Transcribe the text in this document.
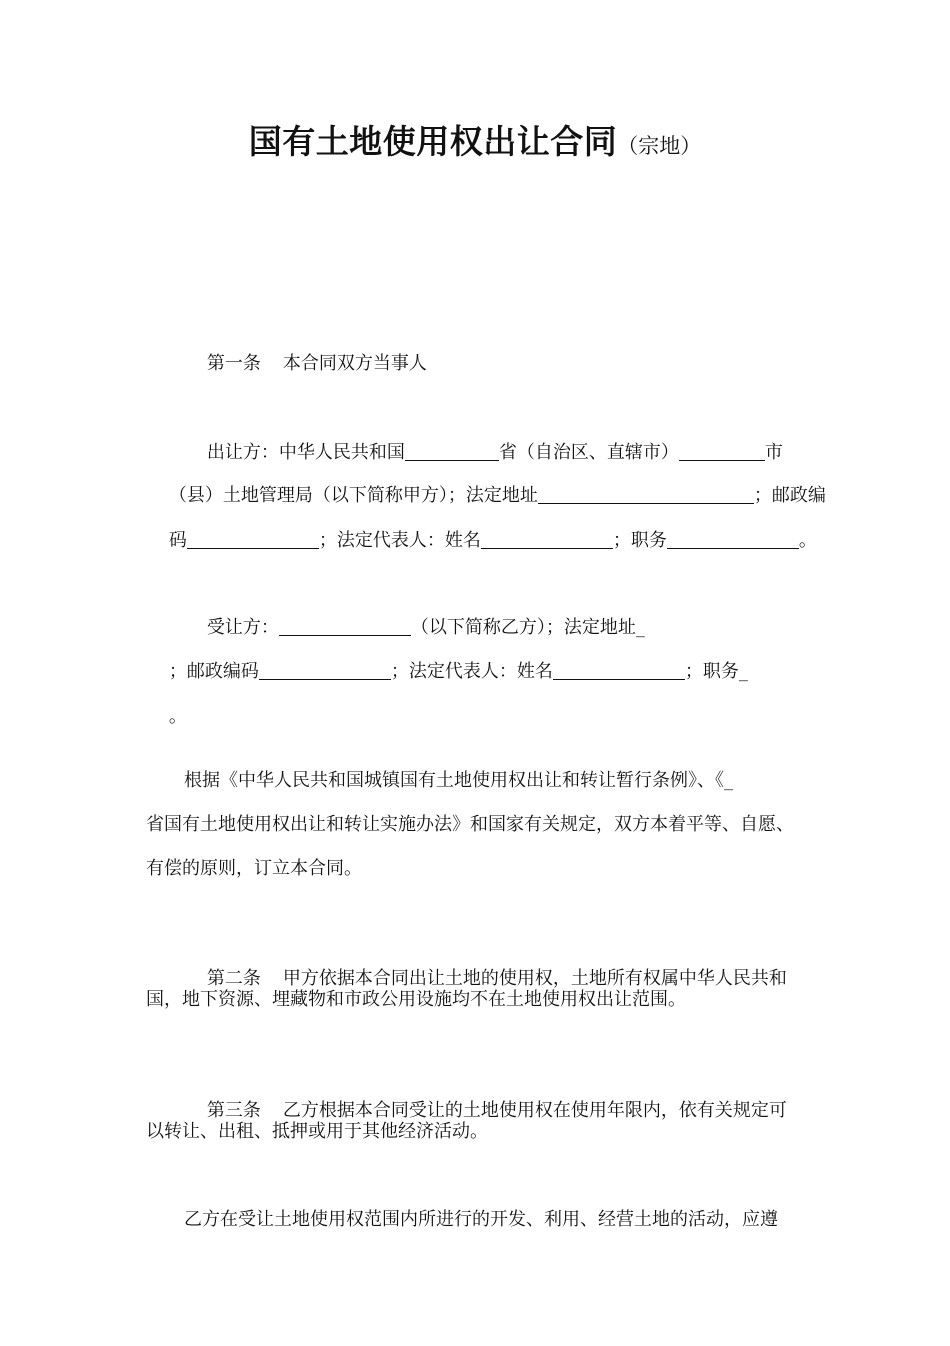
国有土地使用权出让合同（宗地）

第一条 本合同双方当事人

出让方：中华人民共和国	省（自治区、直辖市）	市

（县）土地管理局（以下简称甲方）；法定地址	；邮政编

码	；法定代表人：姓名	；职务	。

受让方：	（以下简称乙方）；法定地址_

；邮政编码	；法定代表人：姓名	；职务_

。

根据《中华人民共和国城镇国有土地使用权出让和转让暂行条例》、《_
省国有土地使用权出让和转让实施办法》和国家有关规定，双方本着平等、自愿、
有偿的原则，订立本合同。

第二条 甲方依据本合同出让土地的使用权，土地所有权属中华人民共和

国，地下资源、埋藏物和市政公用设施均不在土地使用权出让范围。

第三条 乙方根据本合同受让的土地使用权在使用年限内，依有关规定可

以转让、出租、抵押或用于其他经济活动。
乙方在受让土地使用权范围内所进行的开发、利用、经营土地的活动，应遵
